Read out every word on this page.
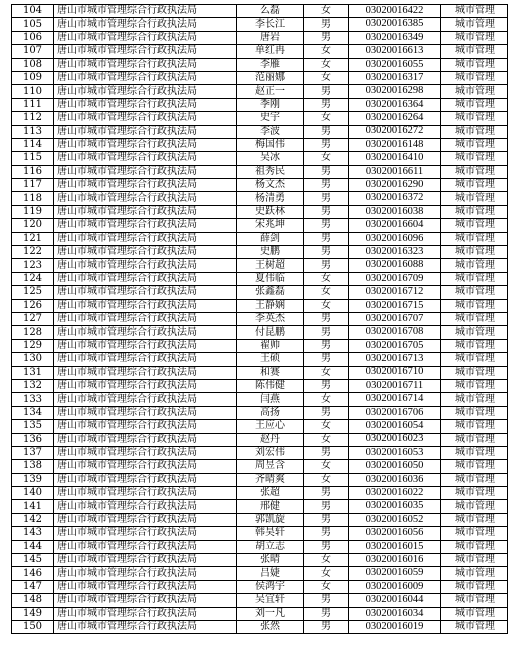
104	唐山市城市管理综合行政执法局	么磊	女	03020016422	城市管理
105	唐山市城市管理综合行政执法局	李长江	男	03020016385	城市管理
106	唐山市城市管理综合行政执法局	唐岩	男	03020016349	城市管理
107	唐山市城市管理综合行政执法局	单红冉	女	03020016613	城市管理
108	唐山市城市管理综合行政执法局	李雁	女	03020016055	城市管理
109	唐山市城市管理综合行政执法局	范丽娜	女	03020016317	城市管理
110	唐山市城市管理综合行政执法局	赵正一	男	03020016298	城市管理
111	唐山市城市管理综合行政执法局	季刚	男	03020016364	城市管理
112	唐山市城市管理综合行政执法局	史宇	女	03020016264	城市管理
113	唐山市城市管理综合行政执法局	李波	男	03020016272	城市管理
114	唐山市城市管理综合行政执法局	梅国伟	男	03020016148	城市管理
115	唐山市城市管理综合行政执法局	吴冰	女	03020016410	城市管理
116	唐山市城市管理综合行政执法局	祖秀民	男	03020016611	城市管理
117	唐山市城市管理综合行政执法局	杨文杰	男	03020016290	城市管理
118	唐山市城市管理综合行政执法局	杨清勇	男	03020016372	城市管理
119	唐山市城市管理综合行政执法局	史跃林	男	03020016038	城市管理
120	唐山市城市管理综合行政执法局	宋兆坤	男	03020016604	城市管理
121	唐山市城市管理综合行政执法局	薛剑	男	03020016096	城市管理
122	唐山市城市管理综合行政执法局	史鹏	男	03020016323	城市管理
123	唐山市城市管理综合行政执法局	王树超	男	03020016088	城市管理
124	唐山市城市管理综合行政执法局	夏伟临	女	03020016709	城市管理
125	唐山市城市管理综合行政执法局	张鑫磊	女	03020016712	城市管理
126	唐山市城市管理综合行政执法局	王静娴	女	03020016715	城市管理
127	唐山市城市管理综合行政执法局	李英杰	男	03020016707	城市管理
128	唐山市城市管理综合行政执法局	付昆鹏	男	03020016708	城市管理
129	唐山市城市管理综合行政执法局	翟帅	男	03020016705	城市管理
130	唐山市城市管理综合行政执法局	王硕	男	03020016713	城市管理
131	唐山市城市管理综合行政执法局	和赛	女	03020016710	城市管理
132	唐山市城市管理综合行政执法局	陈伟健	男	03020016711	城市管理
133	唐山市城市管理综合行政执法局	闫燕	女	03020016714	城市管理
134	唐山市城市管理综合行政执法局	高扬	男	03020016706	城市管理
135	唐山市城市管理综合行政执法局	王应心	女	03020016054	城市管理
136	唐山市城市管理综合行政执法局	赵丹	女	03020016023	城市管理
137	唐山市城市管理综合行政执法局	刘宏伟	男	03020016053	城市管理
138	唐山市城市管理综合行政执法局	周昱含	女	03020016050	城市管理
139	唐山市城市管理综合行政执法局	齐晴爽	女	03020016036	城市管理
140	唐山市城市管理综合行政执法局	张超	男	03020016022	城市管理
141	唐山市城市管理综合行政执法局	邢健	男	03020016035	城市管理
142	唐山市城市管理综合行政执法局	郭凯旋	男	03020016052	城市管理
143	唐山市城市管理综合行政执法局	韩昊轩	男	03020016056	城市管理
144	唐山市城市管理综合行政执法局	胡立志	男	03020016015	城市管理
145	唐山市城市管理综合行政执法局	张晴	女	03020016016	城市管理
146	唐山市城市管理综合行政执法局	吕婕	女	03020016059	城市管理
147	唐山市城市管理综合行政执法局	侯鸿宇	女	03020016009	城市管理
148	唐山市城市管理综合行政执法局	吴宜轩	男	03020016044	城市管理
149	唐山市城市管理综合行政执法局	刘一凡	男	03020016034	城市管理
150	唐山市城市管理综合行政执法局	张然	男	03020016019	城市管理
